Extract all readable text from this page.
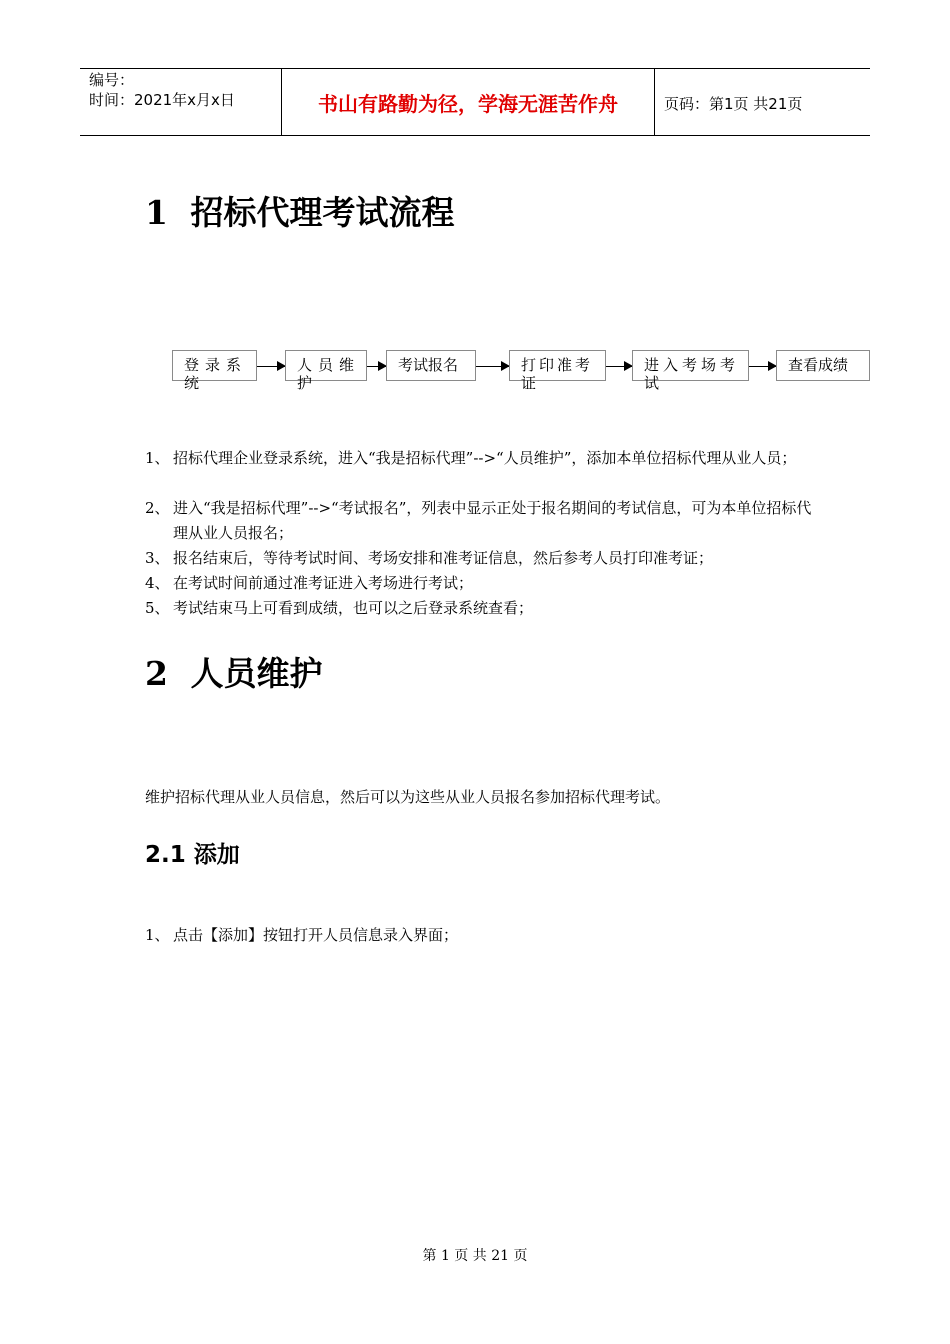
编号：
时间：2021年x月x日	书山有路勤为径，学海无涯苦作舟	页码：第1页 共21页
1 招标代理考试流程
登录系统
人员维护
考试报名	打印准考证
进入考场考试
查看成绩
1、 招标代理企业登录系统，进入“我是招标代理”-->“人员维护”，添加本单位招标代理从业人员；
2、 进入“我是招标代理”-->“考试报名”，列表中显示正处于报名期间的考试信息，可为本单位招标代理从业人员报名；
3、 报名结束后，等待考试时间、考场安排和准考证信息，然后参考人员打印准考证；
4、 在考试时间前通过准考证进入考场进行考试；
5、 考试结束马上可看到成绩，也可以之后登录系统查看；
2 人员维护
维护招标代理从业人员信息，然后可以为这些从业人员报名参加招标代理考试。
2.1 添加
1、 点击【添加】按钮打开人员信息录入界面；
第 1 页 共 21 页
